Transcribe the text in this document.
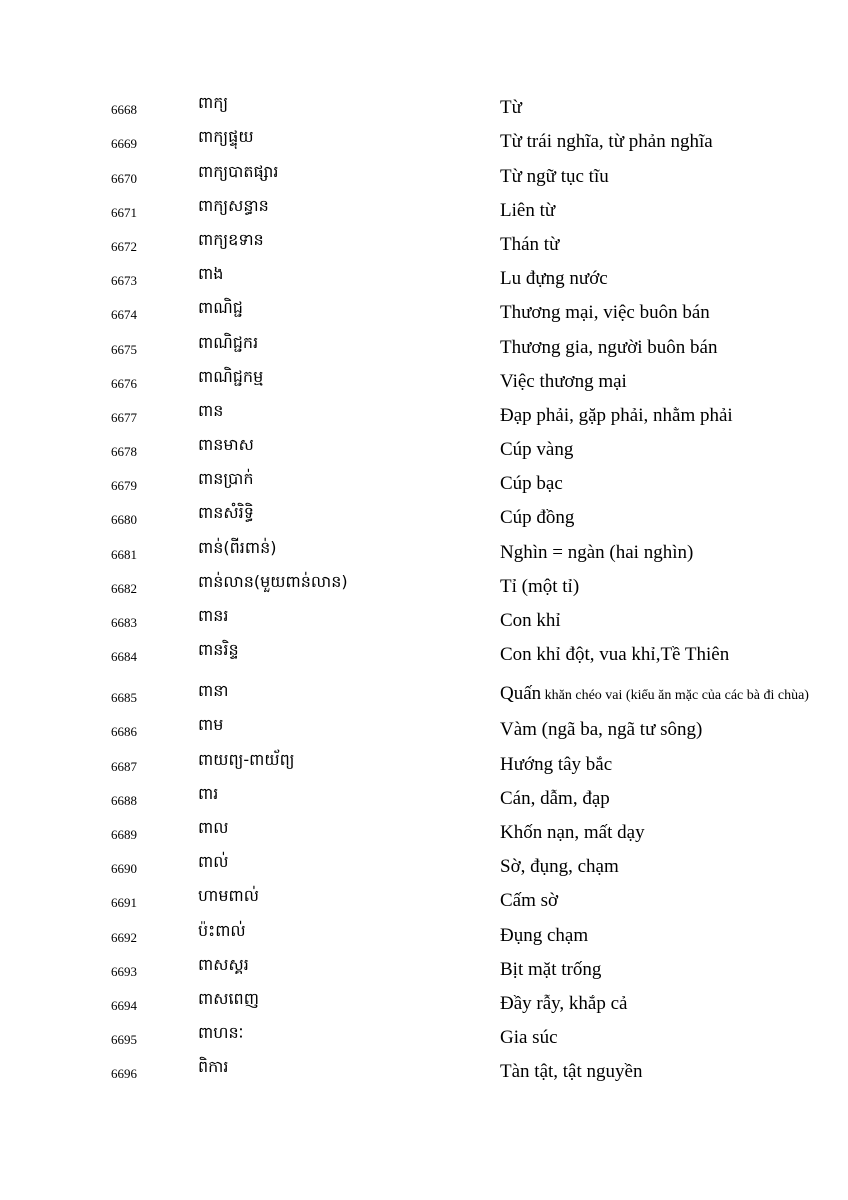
6668	ពាក្យ	Từ
6669	ពាក្យផ្ទុយ	Từ trái nghĩa, từ phản nghĩa
6670	ពាក្យបាតផ្សារ	Từ ngữ tục tĩu
6671	ពាក្យសន្ធាន	Liên từ
6672	ពាក្យឧទាន	Thán từ
6673	ពាង	Lu đựng nước
6674	ពាណិជ្ជ	Thương mại, việc buôn bán
6675	ពាណិជ្ជករ	Thương gia, người buôn bán
6676	ពាណិជ្ជកម្ម	Việc thương mại
6677	ពាន	Đạp phải, gặp phải, nhằm phải
6678	ពានមាស	Cúp vàng
6679	ពានប្រាក់	Cúp bạc
6680	ពានសំរិទ្ធិ	Cúp đồng
6681	ពាន់(ពីរពាន់)	Nghìn = ngàn (hai nghìn)
6682	ពាន់លាន(មួយពាន់លាន)	Tỉ (một tỉ)
6683	ពានរ	Con khỉ
6684	ពានរិន្ទ	Con khỉ đột, vua khỉ,Tề Thiên
6685	ពានា	Quấn khăn chéo vai (kiểu ăn mặc của các bà đi chùa)
6686	ពាម	Vàm (ngã ba, ngã tư sông)
6687	ពាយព្យ-ពាយ័ព្យ	Hướng tây bắc
6688	ពារ	Cán, dẫm, đạp
6689	ពាល	Khốn nạn, mất dạy
6690	ពាល់	Sờ, đụng, chạm
6691	ហាមពាល់	Cấm sờ
6692	ប៉ះពាល់	Đụng chạm
6693	ពាសស្គរ	Bịt mặt trống
6694	ពាសពេញ	Đầy rẫy, khắp cả
6695	ពាហនៈ	Gia súc
6696	ពិការ	Tàn tật, tật nguyền
